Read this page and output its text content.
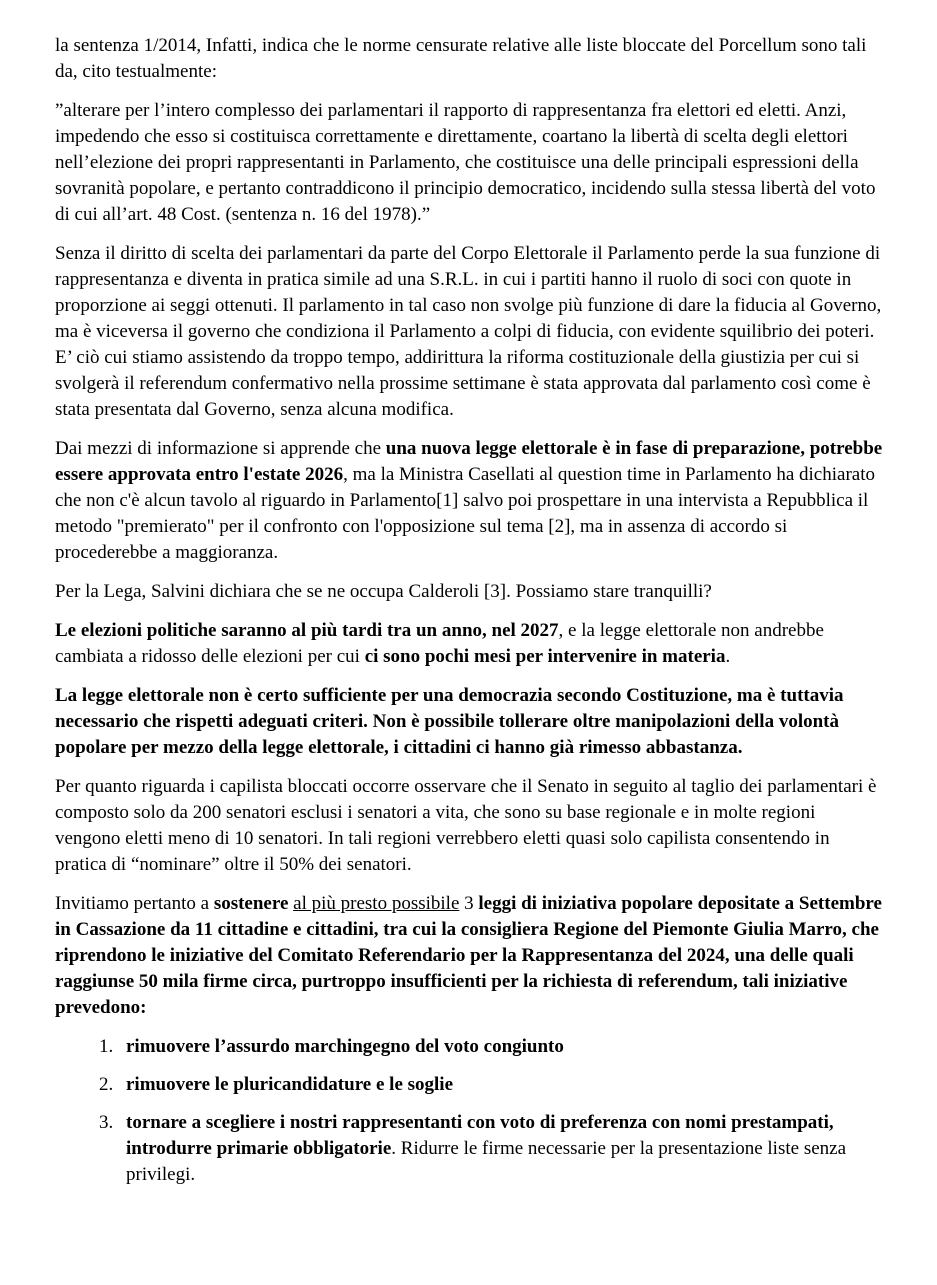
la sentenza 1/2014, Infatti, indica che le norme censurate relative alle liste bloccate del Porcellum sono tali da, cito testualmente:

”alterare per l’intero complesso dei parlamentari il rapporto di rappresentanza fra elettori ed eletti. Anzi, impedendo che esso si costituisca correttamente e direttamente, coartano la libertà di scelta degli elettori nell’elezione dei propri rappresentanti in Parlamento, che costituisce una delle principali espressioni della sovranità popolare, e pertanto contraddicono il principio democratico, incidendo sulla stessa libertà del voto di cui all’art. 48 Cost. (sentenza n. 16 del 1978).”

Senza il diritto di scelta dei parlamentari da parte del Corpo Elettorale il Parlamento perde la sua funzione di rappresentanza e diventa in pratica simile ad una S.R.L. in cui i partiti hanno il ruolo di soci con quote in proporzione ai seggi ottenuti. Il parlamento in tal caso non svolge più funzione di dare la fiducia al Governo, ma è viceversa il governo che condiziona il Parlamento a colpi di fiducia, con evidente squilibrio dei poteri. E’ ciò cui stiamo assistendo da troppo tempo, addirittura la riforma costituzionale della giustizia per cui si svolgerà il referendum confermativo nella prossime settimane è stata approvata dal parlamento così come è stata presentata dal Governo, senza alcuna modifica.

Dai mezzi di informazione si apprende che una nuova legge elettorale è in fase di preparazione, potrebbe essere approvata entro l'estate 2026, ma la Ministra Casellati al question time in Parlamento ha dichiarato che non c'è alcun tavolo al riguardo in Parlamento[1] salvo poi prospettare in una intervista a Repubblica il metodo "premierato" per il confronto con l'opposizione sul tema [2], ma in assenza di accordo si procederebbe a maggioranza.

Per la Lega, Salvini dichiara che se ne occupa Calderoli [3]. Possiamo stare tranquilli?

Le elezioni politiche saranno al più tardi tra un anno, nel 2027, e la legge elettorale non andrebbe cambiata a ridosso delle elezioni per cui ci sono pochi mesi per intervenire in materia.

La legge elettorale non è certo sufficiente per una democrazia secondo Costituzione, ma è tuttavia necessario che rispetti adeguati criteri. Non è possibile tollerare oltre manipolazioni della volontà popolare per mezzo della legge elettorale, i cittadini ci hanno già rimesso abbastanza.

Per quanto riguarda i capilista bloccati occorre osservare che il Senato in seguito al taglio dei parlamentari è composto solo da 200 senatori esclusi i senatori a vita, che sono su base regionale e in molte regioni vengono eletti meno di 10 senatori. In tali regioni verrebbero eletti quasi solo capilista consentendo in pratica di “nominare” oltre il 50% dei senatori.

Invitiamo pertanto a sostenere al più presto possibile 3 leggi di iniziativa popolare depositate a Settembre in Cassazione da 11 cittadine e cittadini, tra cui la consigliera Regione del Piemonte Giulia Marro, che riprendono le iniziative del Comitato Referendario per la Rappresentanza del 2024, una delle quali raggiunse 50 mila firme circa, purtroppo insufficienti per la richiesta di referendum, tali iniziative prevedono:

1. rimuovere l’assurdo marchingegno del voto congiunto
2. rimuovere le pluricandidature e le soglie
3. tornare a scegliere i nostri rappresentanti con voto di preferenza con nomi prestampati, introdurre primarie obbligatorie. Ridurre le firme necessarie per la presentazione liste senza privilegi.
